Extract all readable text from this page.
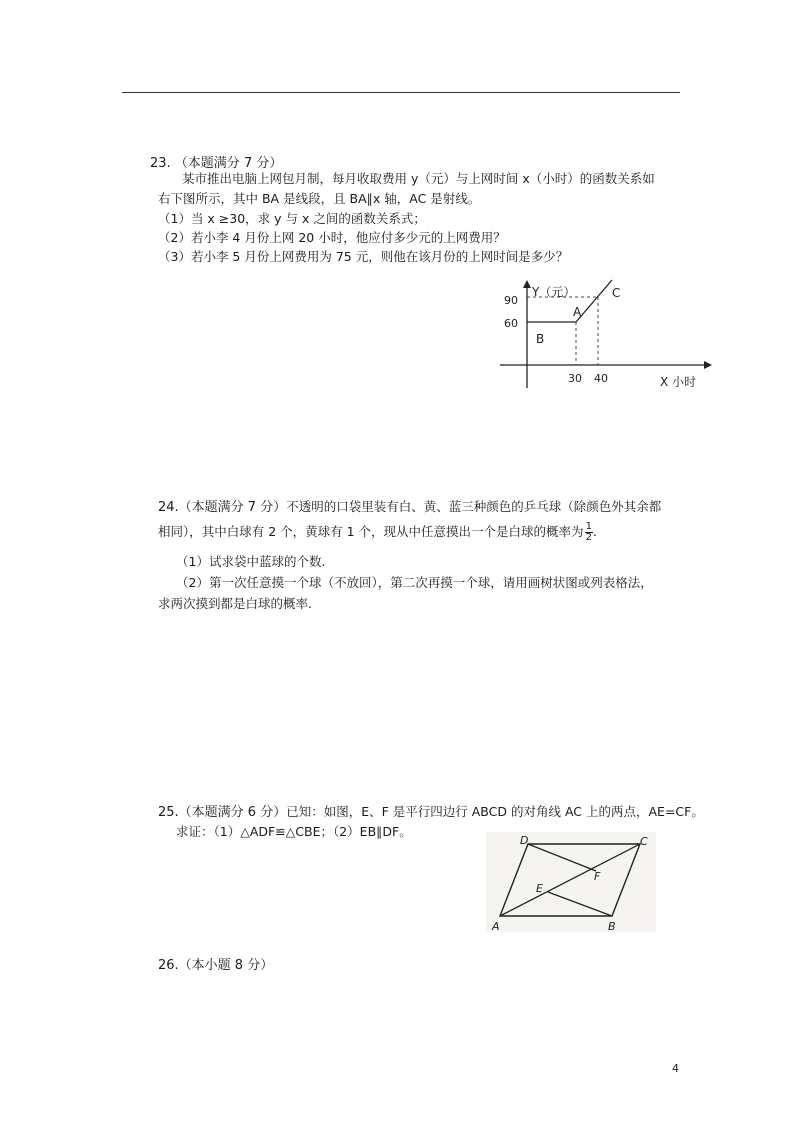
23. （本题满分 7 分）
某市推出电脑上网包月制，每月收取费用 y（元）与上网时间 x（小时）的函数关系如
右下图所示，其中 BA 是线段，且 BA∥x 轴，AC 是射线。
（1）当 x ≥30，求 y 与 x 之间的函数关系式；
（2）若小李 4 月份上网 20 小时，他应付多少元的上网费用？
（3）若小李 5 月份上网费用为 75 元，则他在该月份的上网时间是多少？
Y（元）
90
60
30 40	X 小时
A
B
C
24.（本题满分 7 分）不透明的口袋里装有白、黄、蓝三种颜色的乒乓球（除颜色外其余都
相同），其中白球有 2 个，黄球有 1 个，现从中任意摸出一个是白球的概率为 $\frac{1}{2}$ .
（1）试求袋中蓝球的个数.
（2）第一次任意摸一个球（不放回），第二次再摸一个球，请用画树状图或列表格法，
求两次摸到都是白球的概率.
25.（本题满分 6 分）已知：如图，E、F 是平行四边行 ABCD 的对角线 AC 上的两点，AE=CF。
求证：（1）△ADF≌△CBE；（2）EB∥DF。
A	B
C
D
E
F
26.（本小题 8 分）
4
